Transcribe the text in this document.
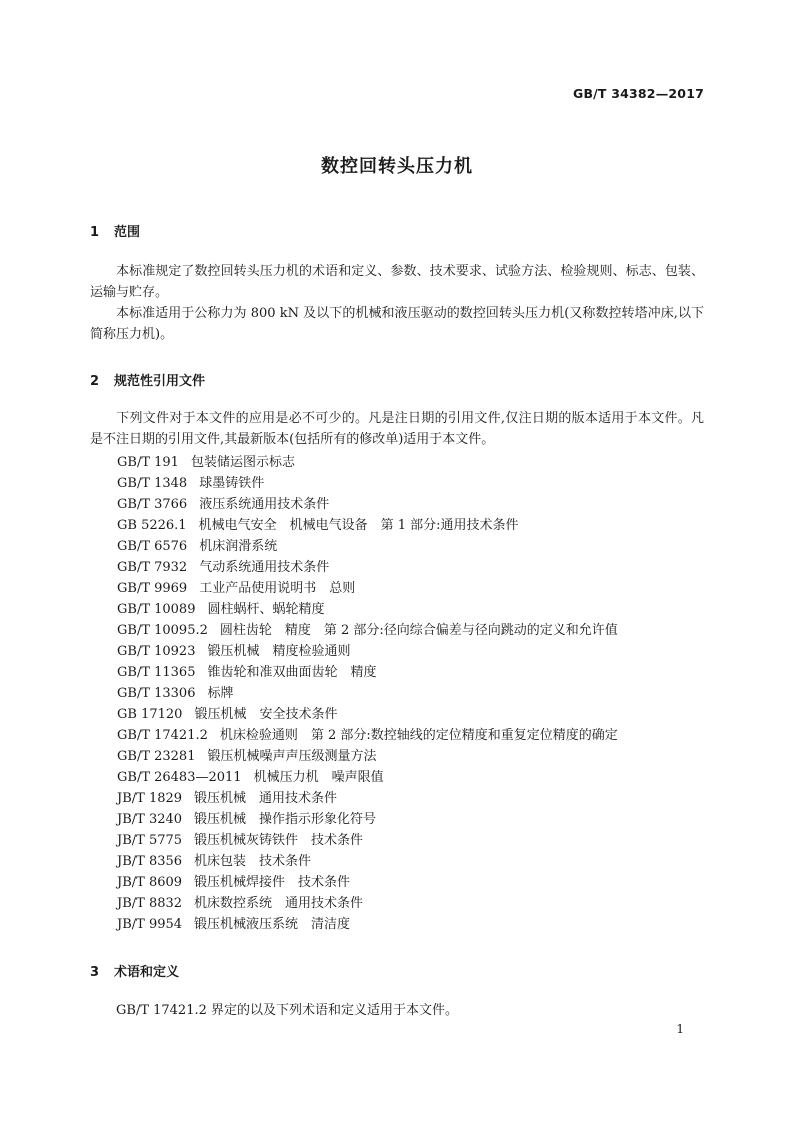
GB/T 34382—2017
数控回转头压力机
1 范围
本标准规定了数控回转头压力机的术语和定义、参数、技术要求、试验方法、检验规则、标志、包装、运输与贮存。
本标准适用于公称力为 800 kN 及以下的机械和液压驱动的数控回转头压力机(又称数控转塔冲床,以下简称压力机)。
2 规范性引用文件
下列文件对于本文件的应用是必不可少的。凡是注日期的引用文件,仅注日期的版本适用于本文件。凡是不注日期的引用文件,其最新版本(包括所有的修改单)适用于本文件。
GB/T 191 包装储运图示标志
GB/T 1348 球墨铸铁件
GB/T 3766 液压系统通用技术条件
GB 5226.1 机械电气安全　机械电气设备　第 1 部分:通用技术条件
GB/T 6576 机床润滑系统
GB/T 7932 气动系统通用技术条件
GB/T 9969 工业产品使用说明书　总则
GB/T 10089 圆柱蜗杆、蜗轮精度
GB/T 10095.2 圆柱齿轮　精度　第 2 部分:径向综合偏差与径向跳动的定义和允许值
GB/T 10923 锻压机械　精度检验通则
GB/T 11365 锥齿轮和准双曲面齿轮　精度
GB/T 13306 标牌
GB 17120 锻压机械　安全技术条件
GB/T 17421.2 机床检验通则　第 2 部分:数控轴线的定位精度和重复定位精度的确定
GB/T 23281 锻压机械噪声声压级测量方法
GB/T 26483—2011 机械压力机　噪声限值
JB/T 1829 锻压机械　通用技术条件
JB/T 3240 锻压机械　操作指示形象化符号
JB/T 5775 锻压机械灰铸铁件　技术条件
JB/T 8356 机床包装　技术条件
JB/T 8609 锻压机械焊接件　技术条件
JB/T 8832 机床数控系统　通用技术条件
JB/T 9954 锻压机械液压系统　清洁度
3 术语和定义
GB/T 17421.2 界定的以及下列术语和定义适用于本文件。
1
